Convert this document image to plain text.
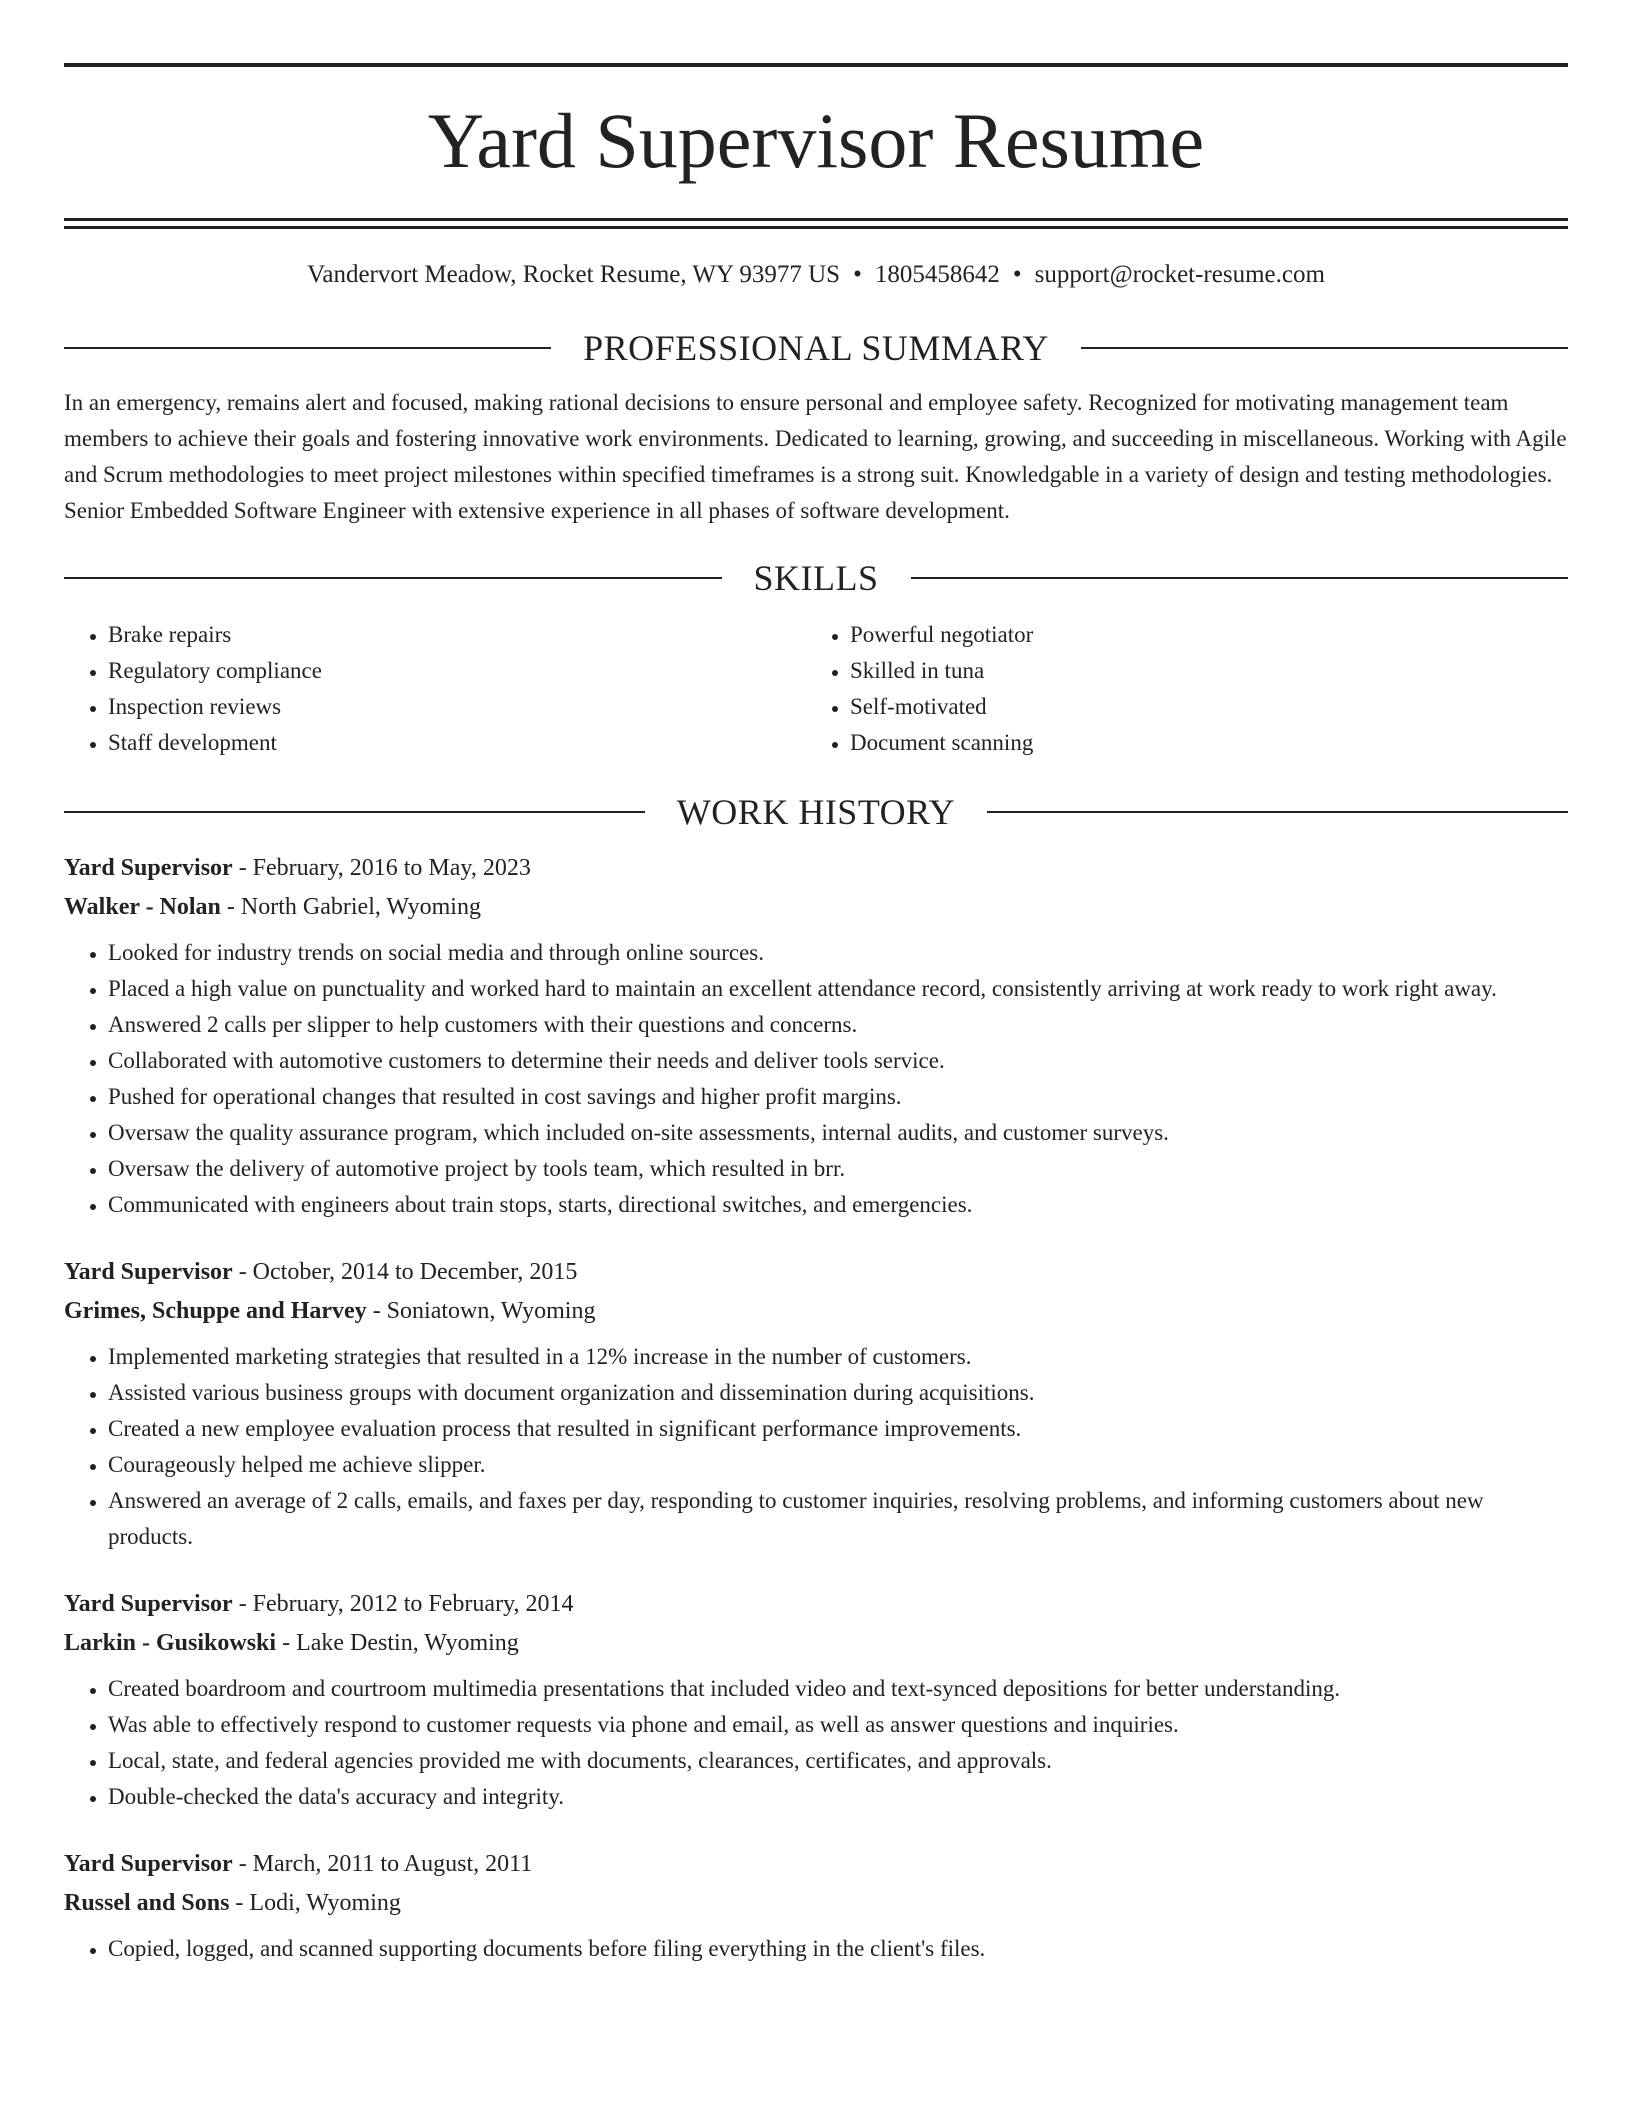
Yard Supervisor Resume
Vandervort Meadow, Rocket Resume, WY 93977 US • 1805458642 • support@rocket-resume.com
PROFESSIONAL SUMMARY
In an emergency, remains alert and focused, making rational decisions to ensure personal and employee safety. Recognized for motivating management team members to achieve their goals and fostering innovative work environments. Dedicated to learning, growing, and succeeding in miscellaneous. Working with Agile and Scrum methodologies to meet project milestones within specified timeframes is a strong suit. Knowledgable in a variety of design and testing methodologies. Senior Embedded Software Engineer with extensive experience in all phases of software development.
SKILLS
• Brake repairs
• Regulatory compliance
• Inspection reviews
• Staff development
• Powerful negotiator
• Skilled in tuna
• Self-motivated
• Document scanning
WORK HISTORY
Yard Supervisor - February, 2016 to May, 2023
Walker - Nolan - North Gabriel, Wyoming
• Looked for industry trends on social media and through online sources.
• Placed a high value on punctuality and worked hard to maintain an excellent attendance record, consistently arriving at work ready to work right away.
• Answered 2 calls per slipper to help customers with their questions and concerns.
• Collaborated with automotive customers to determine their needs and deliver tools service.
• Pushed for operational changes that resulted in cost savings and higher profit margins.
• Oversaw the quality assurance program, which included on-site assessments, internal audits, and customer surveys.
• Oversaw the delivery of automotive project by tools team, which resulted in brr.
• Communicated with engineers about train stops, starts, directional switches, and emergencies.
Yard Supervisor - October, 2014 to December, 2015
Grimes, Schuppe and Harvey - Soniatown, Wyoming
• Implemented marketing strategies that resulted in a 12% increase in the number of customers.
• Assisted various business groups with document organization and dissemination during acquisitions.
• Created a new employee evaluation process that resulted in significant performance improvements.
• Courageously helped me achieve slipper.
• Answered an average of 2 calls, emails, and faxes per day, responding to customer inquiries, resolving problems, and informing customers about new products.
Yard Supervisor - February, 2012 to February, 2014
Larkin - Gusikowski - Lake Destin, Wyoming
• Created boardroom and courtroom multimedia presentations that included video and text-synced depositions for better understanding.
• Was able to effectively respond to customer requests via phone and email, as well as answer questions and inquiries.
• Local, state, and federal agencies provided me with documents, clearances, certificates, and approvals.
• Double-checked the data's accuracy and integrity.
Yard Supervisor - March, 2011 to August, 2011
Russel and Sons - Lodi, Wyoming
• Copied, logged, and scanned supporting documents before filing everything in the client's files.
